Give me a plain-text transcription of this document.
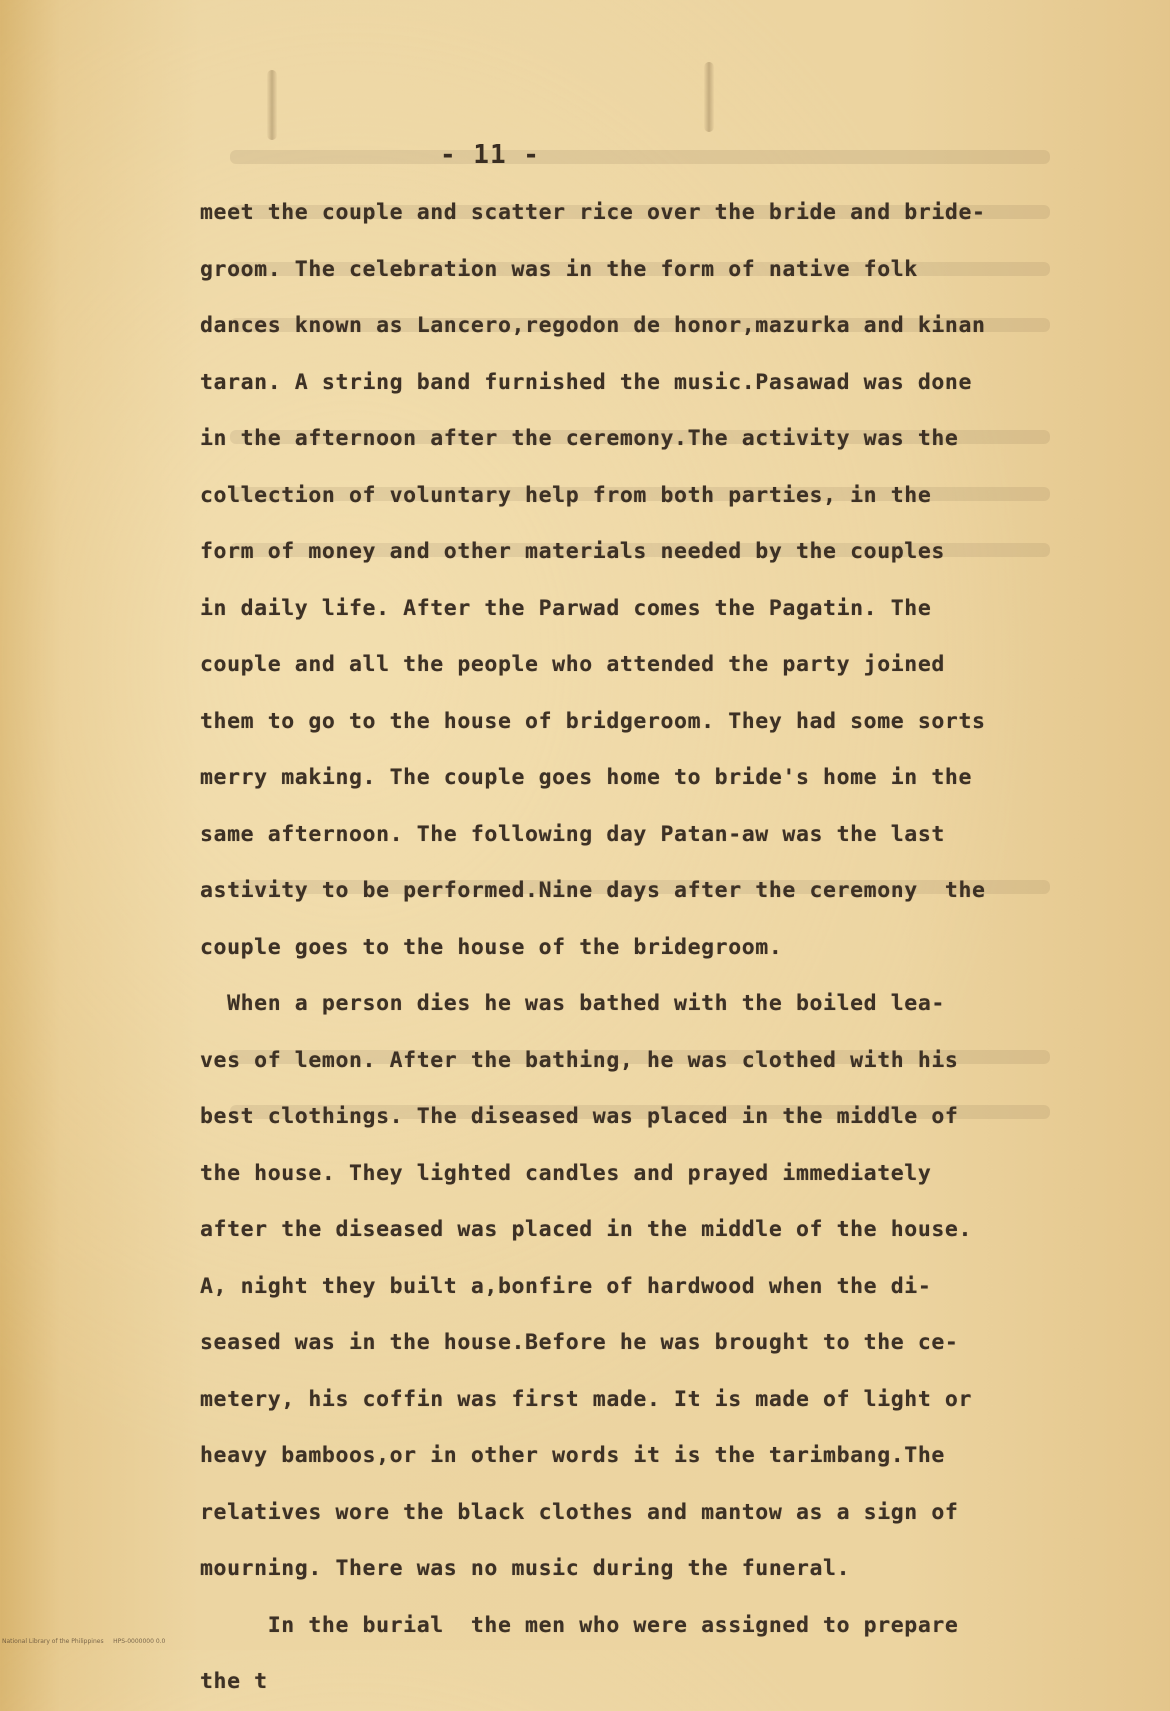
- 11 -
meet the couple and scatter rice over the bride and bride-
groom. The celebration was in the form of native folk
dances known as Lancero,regodon de honor,mazurka and kinan
taran. A string band furnished the music.Pasawad was done
in the afternoon after the ceremony.The activity was the
collection of voluntary help from both parties, in the
form of money and other materials needed by the couples
in daily life. After the Parwad comes the Pagatin. The
couple and all the people who attended the party joined
them to go to the house of bridgeroom. They had some sorts
merry making. The couple goes home to bride's home in the
same afternoon. The following day Patan-aw was the last
astivity to be performed.Nine days after the ceremony  the
couple goes to the house of the bridegroom.
When a person dies he was bathed with the boiled lea-
ves of lemon. After the bathing, he was clothed with his
best clothings. The diseased was placed in the middle of
the house. They lighted candles and prayed immediately
after the diseased was placed in the middle of the house.
A, night they built a,bonfire of hardwood when the di-
seased was in the house.Before he was brought to the ce-
metery, his coffin was first made. It is made of light or
heavy bamboos,or in other words it is the tarimbang.The
relatives wore the black clothes and mantow as a sign of
mourning. There was no music during the funeral.
In the burial  the men who were assigned to prepare
the t
National Library of the Philippines     HPS-0000000 0.0
